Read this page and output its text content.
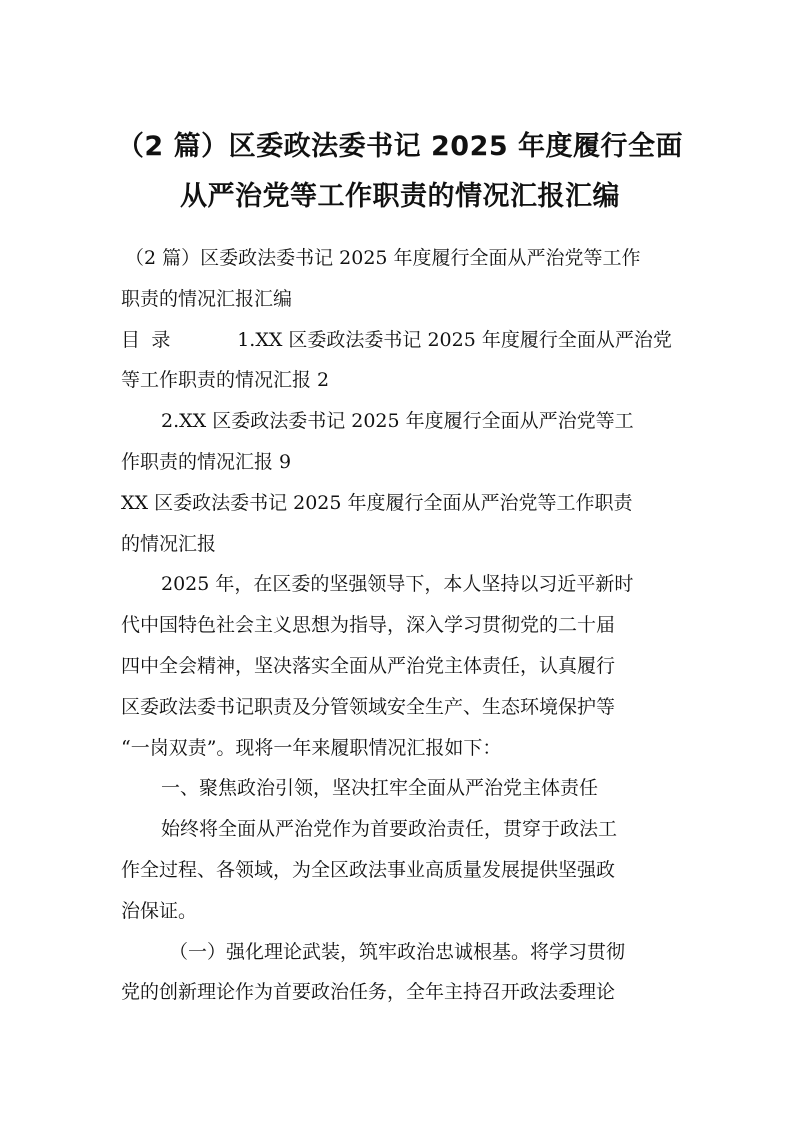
（2 篇）区委政法委书记 2025 年度履行全面
从严治党等工作职责的情况汇报汇编

（2 篇）区委政法委书记 2025 年度履行全面从严治党等工作
职责的情况汇报汇编

目录	1.XX 区委政法委书记 2025 年度履行全面从严治党
等工作职责的情况汇报 2
2.XX 区委政法委书记 2025 年度履行全面从严治党等工
作职责的情况汇报 9

XX 区委政法委书记 2025 年度履行全面从严治党等工作职责
的情况汇报

2025 年，在区委的坚强领导下，本人坚持以习近平新时
代中国特色社会主义思想为指导，深入学习贯彻党的二十届
四中全会精神，坚决落实全面从严治党主体责任，认真履行
区委政法委书记职责及分管领域安全生产、生态环境保护等
“一岗双责”。现将一年来履职情况汇报如下：

一、聚焦政治引领，坚决扛牢全面从严治党主体责任

始终将全面从严治党作为首要政治责任，贯穿于政法工
作全过程、各领域，为全区政法事业高质量发展提供坚强政
治保证。

（一）强化理论武装，筑牢政治忠诚根基。将学习贯彻
党的创新理论作为首要政治任务，全年主持召开政法委理论
